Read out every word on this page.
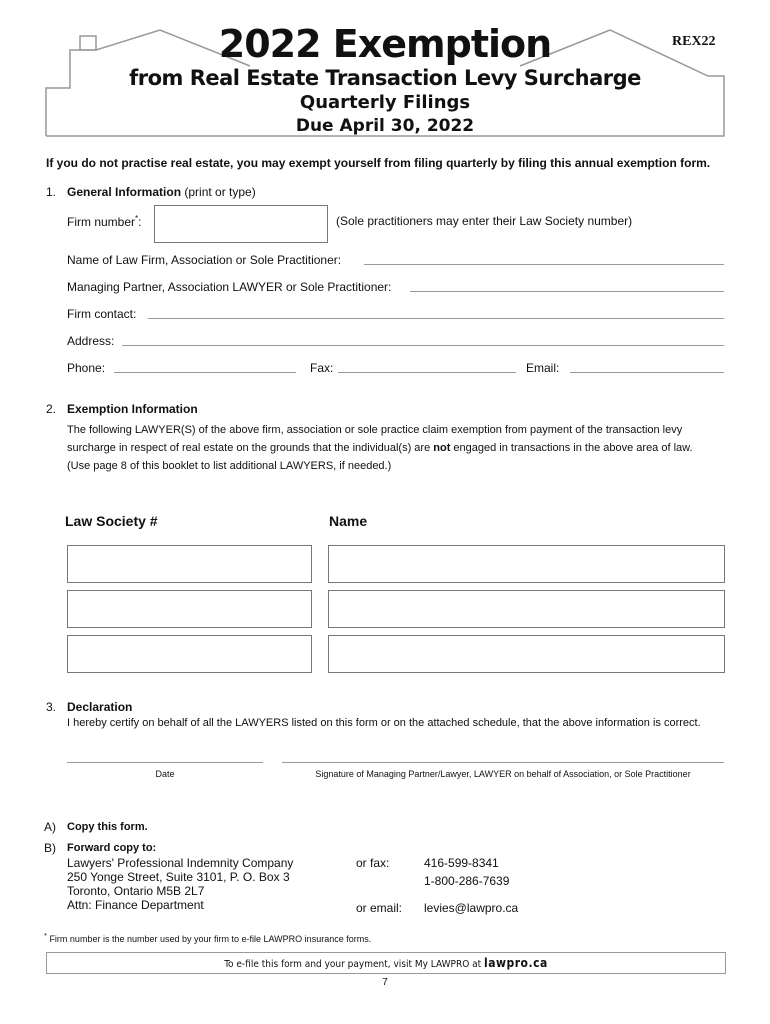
2022 Exemption
from Real Estate Transaction Levy Surcharge
Quarterly Filings
Due April 30, 2022
REX22
If you do not practise real estate, you may exempt yourself from filing quarterly by filing this annual exemption form.
1. General Information (print or type)
Firm number*:	(Sole practitioners may enter their Law Society number)
Name of Law Firm, Association or Sole Practitioner:
Managing Partner, Association LAWYER or Sole Practitioner:
Firm contact:
Address:
Phone:	Fax:	Email:
2. Exemption Information
The following LAWYER(S) of the above firm, association or sole practice claim exemption from payment of the transaction levy
surcharge in respect of real estate on the grounds that the individual(s) are not engaged in transactions in the above area of law.
(Use page 8 of this booklet to list additional LAWYERS, if needed.)
Law Society #	Name
3. Declaration
I hereby certify on behalf of all the LAWYERS listed on this form or on the attached schedule, that the above information is correct.
Date	Signature of Managing Partner/Lawyer, LAWYER on behalf of Association, or Sole Practitioner
A) Copy this form.
B) Forward copy to:
Lawyers' Professional Indemnity Company
250 Yonge Street, Suite 3101, P. O. Box 3
Toronto, Ontario M5B 2L7
Attn: Finance Department
or fax:	416-599-8341
1-800-286-7639
or email: levies@lawpro.ca
* Firm number is the number used by your firm to e-file LAWPRO insurance forms.
To e-file this form and your payment, visit My LAWPRO at lawpro.ca
7
